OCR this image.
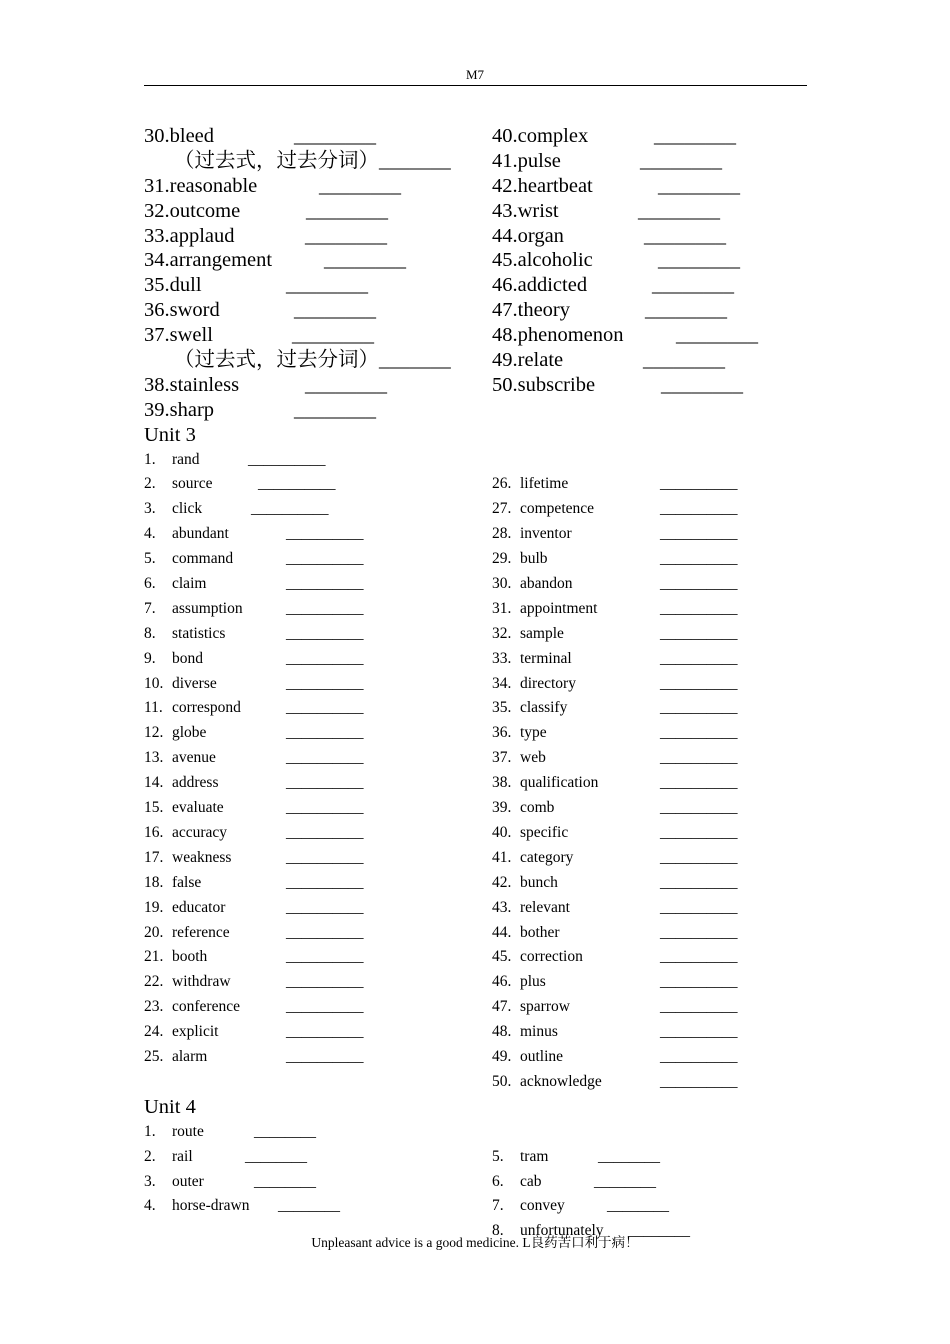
M7
30.bleed	________
（过去式，过去分词）_______
31.reasonable	________
32.outcome	________
33.applaud	________
34.arrangement	________
35.dull	________
36.sword	________
37.swell	________
（过去式，过去分词）_______
38.stainless	________
39.sharp	________
Unit 3
1. rand	__________
2. source	__________
3. click	__________
4. abundant	__________
5. command	__________
6. claim	__________
7. assumption	__________
8. statistics	__________
9. bond	__________
10. diverse	__________
11. correspond	__________
12. globe	__________
13. avenue	__________
14. address	__________
15. evaluate	__________
16. accuracy	__________
17. weakness	__________
18. false	__________
19. educator	__________
20. reference	__________
21. booth	__________
22. withdraw	__________
23. conference	__________
24. explicit	__________
25. alarm	__________
Unit 4
1. route	________
2. rail	________
3. outer	________
4. horse-drawn ________
40.complex	________
41.pulse	________
42.heartbeat	________
43.wrist	________
44.organ	________
45.alcoholic	________
46.addicted	________
47.theory	________
48.phenomenon	________
49.relate	________
50.subscribe	________
26. lifetime	__________
27. competence	__________
28. inventor	__________
29. bulb	__________
30. abandon	__________
31. appointment	__________
32. sample	__________
33. terminal	__________
34. directory	__________
35. classify	__________
36. type	__________
37. web	__________
38. qualification	__________
39. comb	__________
40. specific	__________
41. category	__________
42. bunch	__________
43. relevant	__________
44. bother	__________
45. correction	__________
46. plus	__________
47. sparrow	__________
48. minus	__________
49. outline	__________
50. acknowledge	__________
5. tram	________
6. cab	________
7. convey	________
8. unfortunately ________
Unpleasant advice is a good medicine. L良药苦口利于病！
